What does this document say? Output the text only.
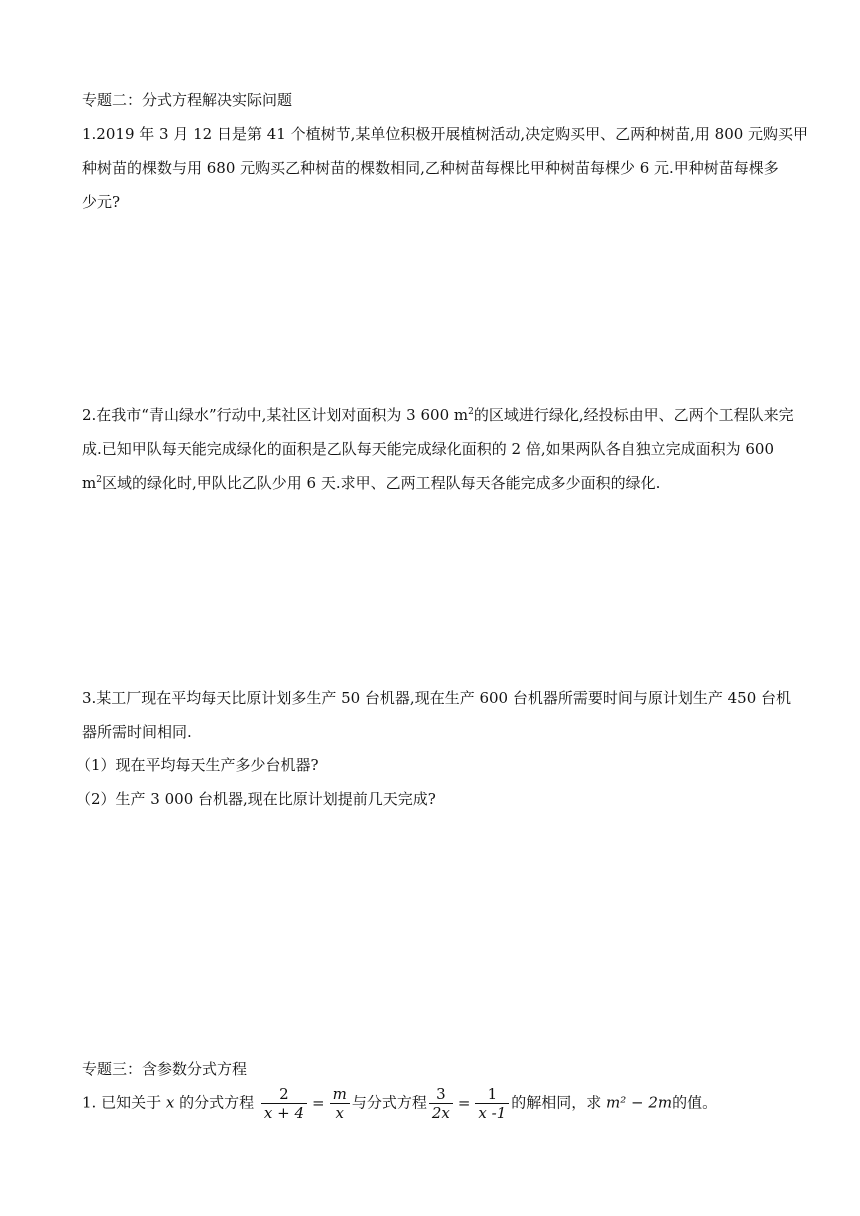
专题二：分式方程解决实际问题
1.2019 年 3 月 12 日是第 41 个植树节,某单位积极开展植树活动,决定购买甲、乙两种树苗,用 800 元购买甲
种树苗的棵数与用 680 元购买乙种树苗的棵数相同,乙种树苗每棵比甲种树苗每棵少 6 元.甲种树苗每棵多
少元?
2.在我市“青山绿水”行动中,某社区计划对面积为 3 600 $m^2$的区域进行绿化,经投标由甲、乙两个工程队来完
成.已知甲队每天能完成绿化的面积是乙队每天能完成绿化面积的 2 倍,如果两队各自独立完成面积为 600
$m^2$区域的绿化时,甲队比乙队少用 6 天.求甲、乙两工程队每天各能完成多少面积的绿化.
3.某工厂现在平均每天比原计划多生产 50 台机器,现在生产 600 台机器所需要时间与原计划生产 450 台机
器所需时间相同.
（1）现在平均每天生产多少台机器?
（2）生产 3 000 台机器,现在比原计划提前几天完成?
专题三：含参数分式方程
1. 已知关于 x 的分式方程 $\frac{2}{x + 4} = \frac{m}{x}$ 与分式方程 $\frac{3}{2x} = \frac{1}{x -1}$ 的解相同，求 m² − 2m的值。
